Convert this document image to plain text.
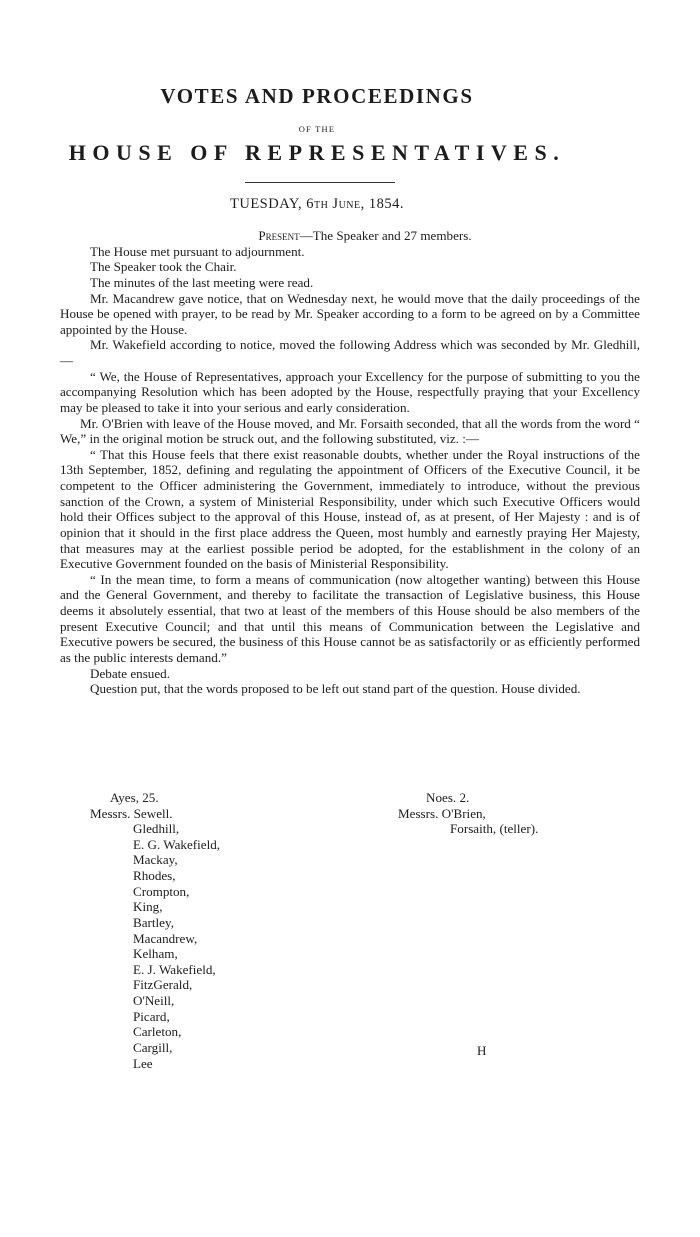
VOTES AND PROCEEDINGS
OF THE
HOUSE OF REPRESENTATIVES.
TUESDAY, 6th June, 1854.

Present—The Speaker and 27 members.

The House met pursuant to adjournment.

The Speaker took the Chair.

The minutes of the last meeting were read.

Mr. Macandrew gave notice, that on Wednesday next, he would move that the daily proceedings of the House be opened with prayer, to be read by Mr. Speaker according to a form to be agreed on by a Committee appointed by the House.

Mr. Wakefield according to notice, moved the following Address which was seconded by Mr. Gledhill,—

“ We, the House of Representatives, approach your Excellency for the purpose of submitting to you the accompanying Resolution which has been adopted by the House, respectfully praying that your Excellency may be pleased to take it into your serious and early consideration.

Mr. O'Brien with leave of the House moved, and Mr. Forsaith seconded, that all the words from the word “ We,” in the original motion be struck out, and the following substituted, viz. :—

“ That this House feels that there exist reasonable doubts, whether under the Royal instructions of the 13th September, 1852, defining and regulating the appointment of Officers of the Executive Council, it be competent to the Officer administering the Government, immediately to introduce, without the previous sanction of the Crown, a system of Ministerial Responsibility, under which such Executive Officers would hold their Offices subject to the approval of this House, instead of, as at present, of Her Majesty : and is of opinion that it should in the first place address the Queen, most humbly and earnestly praying Her Majesty, that measures may at the earliest possible period be adopted, for the establishment in the colony of an Executive Government founded on the basis of Ministerial Responsibility.

“ In the mean time, to form a means of communication (now altogether wanting) between this House and the General Government, and thereby to facilitate the transaction of Legislative business, this House deems it absolutely essential, that two at least of the members of this House should be also members of the present Executive Council; and that until this means of Communication between the Legislative and Executive powers be secured, the business of this House cannot be as satisfactorily or as efficiently performed as the public interests demand.”

Debate ensued.

Question put, that the words proposed to be left out stand part of the question. House divided.

Ayes, 25.	Noes. 2.
Messrs. Sewell.
Gledhill,
E. G. Wakefield,
Mackay,
Rhodes,
Crompton,
King,
Bartley,
Macandrew,
Kelham,
E. J. Wakefield,
FitzGerald,
O'Neill,
Picard,
Carleton,
Cargill,
Lee
Messrs. O'Brien,
Forsaith, (teller).
H
